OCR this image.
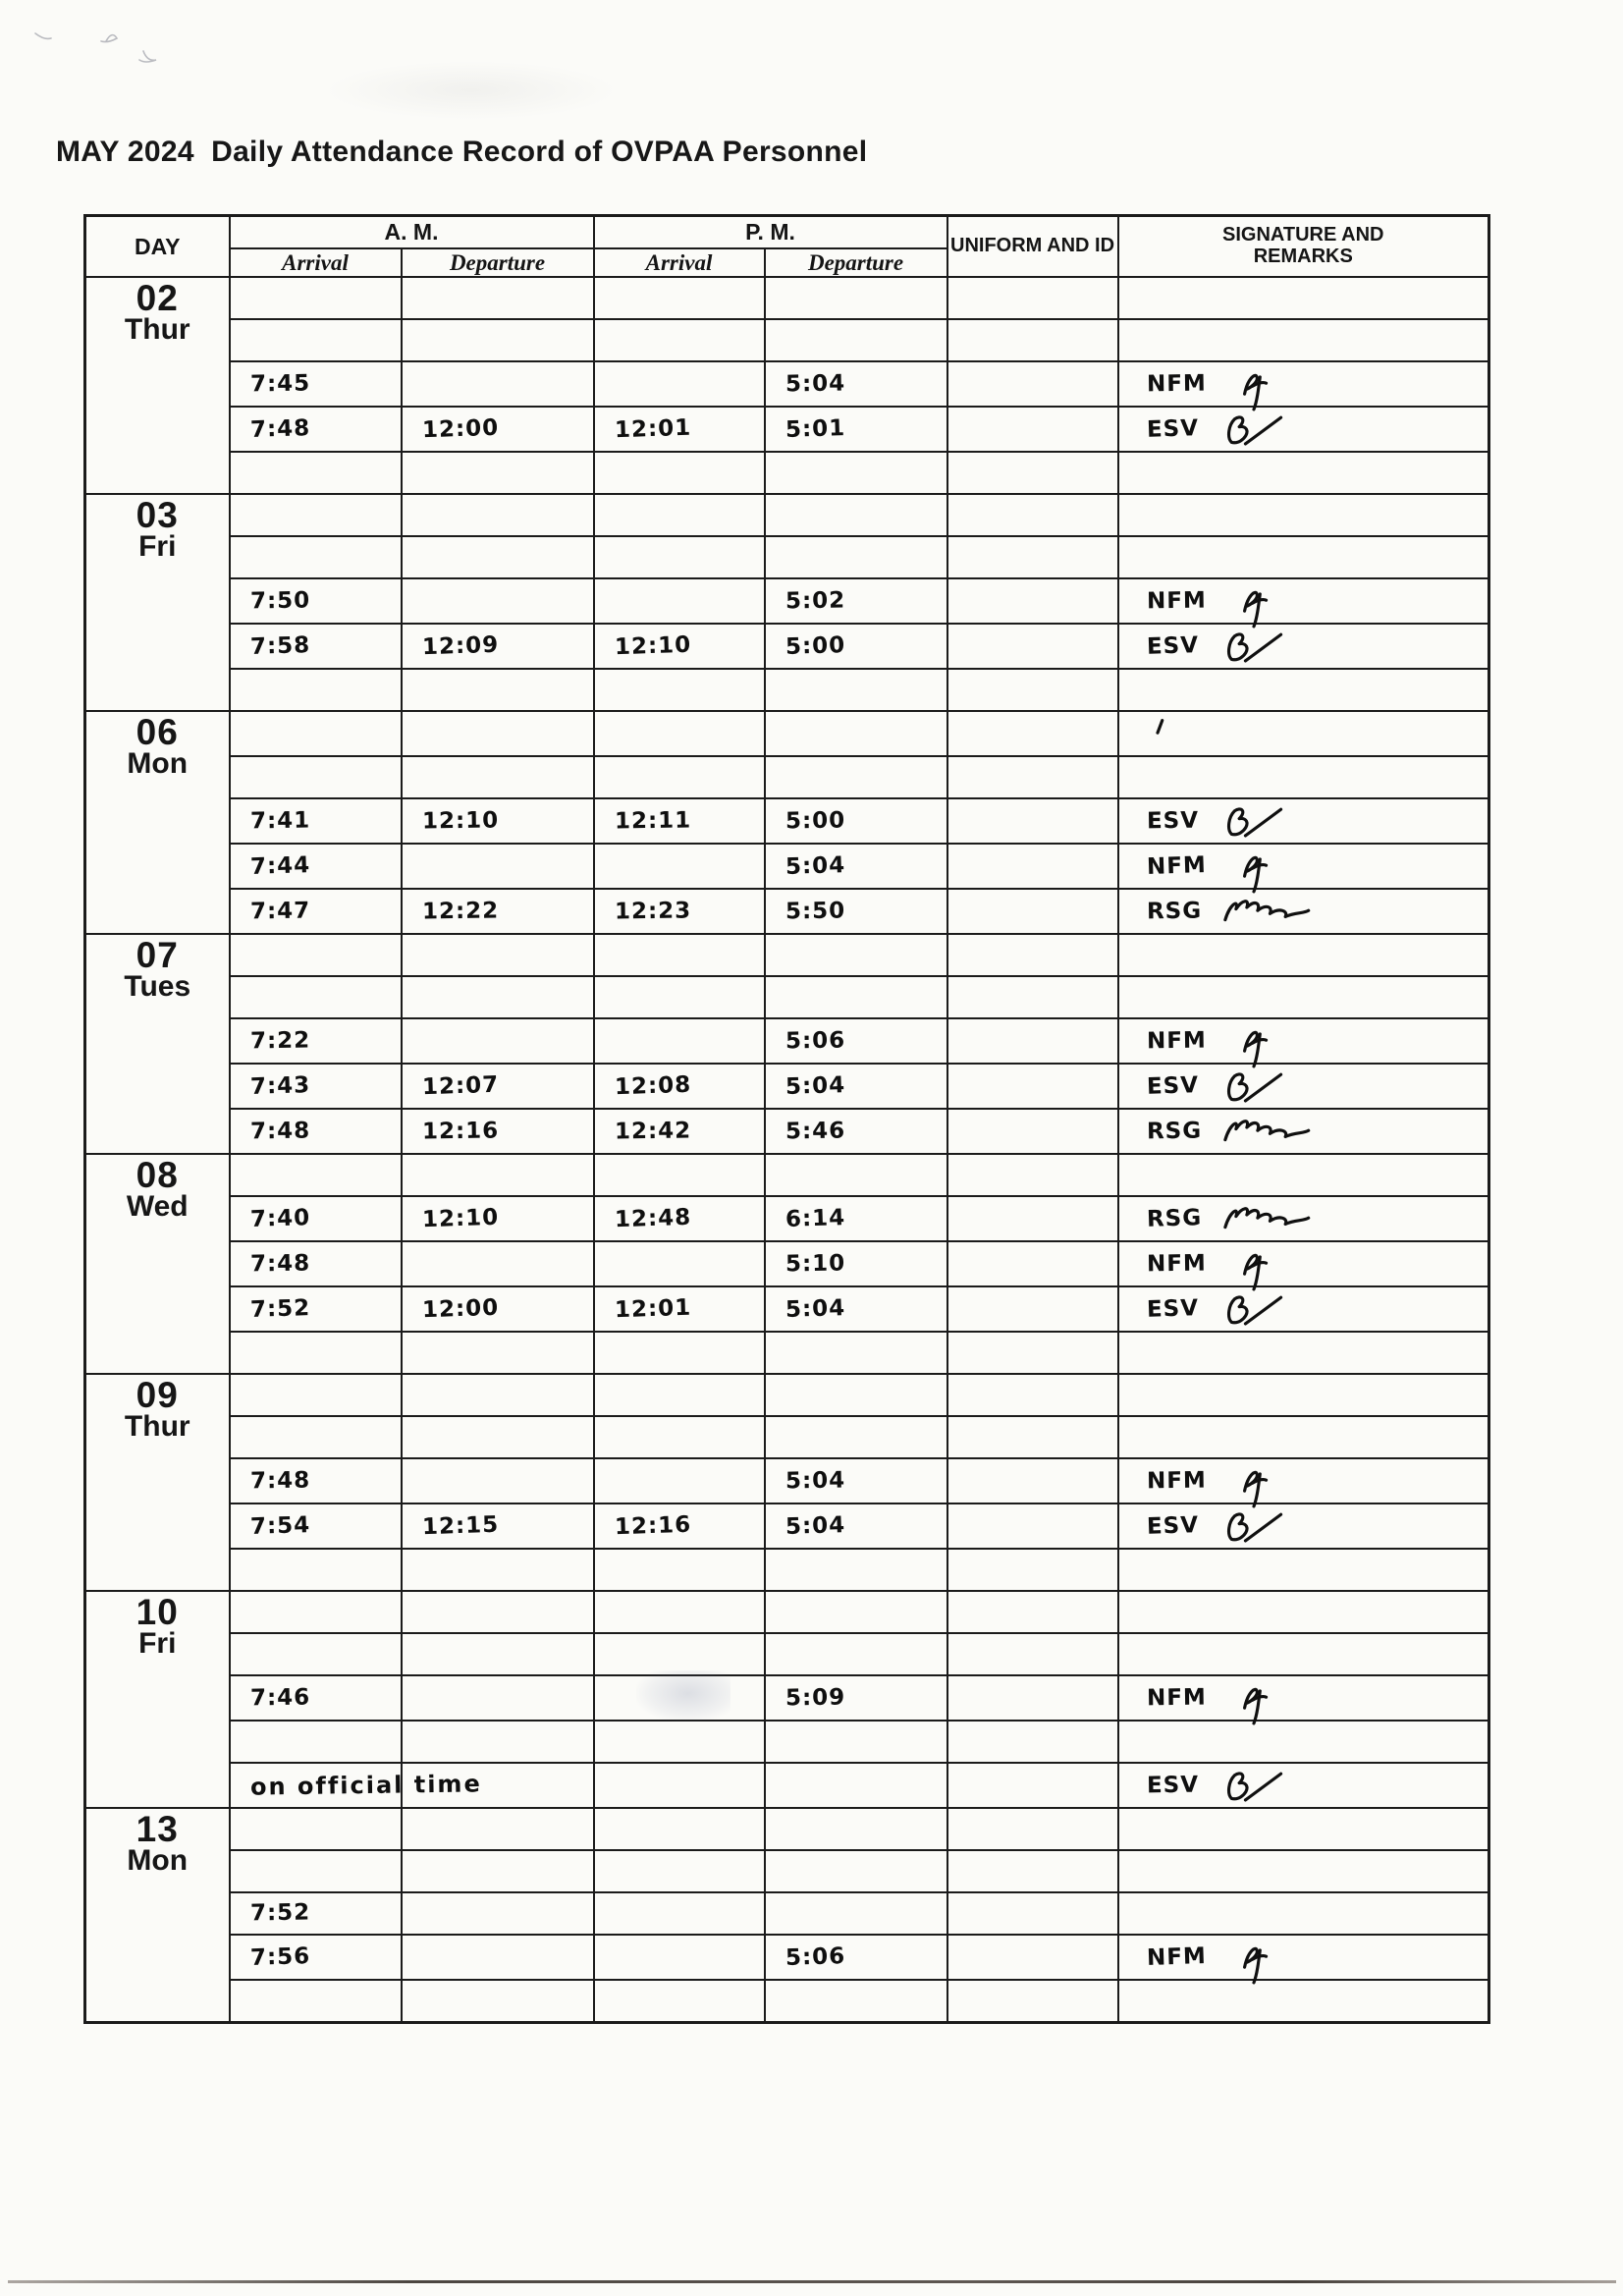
MAY 2024  Daily Attendance Record of OVPAA Personnel
DAY	A. M.		P. M.		UNIFORM AND ID	SIGNATURE AND REMARKS
	Arrival	Departure	Arrival	Departure		

02
Thur						

	7:45			5:04		NFM
	7:48	12:00	12:01	5:01		ESV

03
Fri						

	7:50			5:02		NFM
	7:58	12:09	12:10	5:00		ESV

06
Mon

	7:41	12:10	12:11	5:00		ESV
	7:44			5:04		NFM
	7:47	12:22	12:23	5:50		RSG

07
Tues						

	7:22			5:06		NFM
	7:43	12:07	12:08	5:04		ESV
	7:48	12:16	12:42	5:46		RSG

08
Wed						

	7:40	12:10	12:48	6:14		RSG
	7:48			5:10		NFM
	7:52	12:00	12:01	5:04		ESV

09
Thur						

	7:48			5:04		NFM
	7:54	12:15	12:16	5:04		ESV

10
Fri						

	7:46			5:09		NFM

	on official time					ESV

13
Mon						

	7:52					
	7:56			5:06		NFM
